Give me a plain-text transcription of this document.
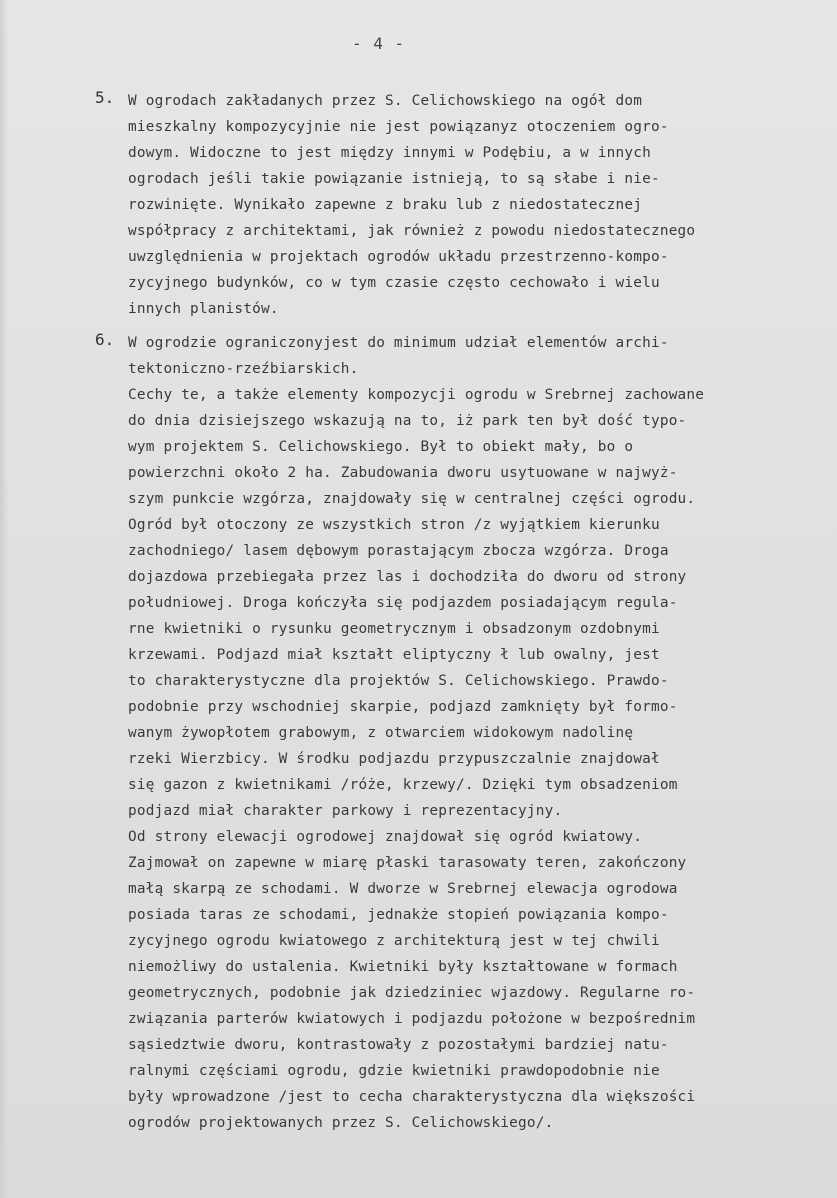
- 4 -
5. W ogrodach zakładanych przez S. Celichowskiego na ogół dom
mieszkalny kompozycyjnie nie jest powiązanyz otoczeniem ogro-
dowym. Widoczne to jest między innymi w Podębiu, a w innych
ogrodach jeśli takie powiązanie istnieją, to są słabe i nie-
rozwinięte. Wynikało zapewne z braku lub z niedostatecznej
współpracy z architektami, jak również z powodu niedostatecznego
uwzględnienia w projektach ogrodów układu przestrzenno-kompo-
zycyjnego budynków, co w tym czasie często cechowało i wielu
innych planistów.
6. W ogrodzie ograniczonyjest do minimum udział elementów archi-
tektoniczno-rzeźbiarskich.
Cechy te, a także elementy kompozycji ogrodu w Srebrnej zachowane
do dnia dzisiejszego wskazują na to, iż park ten był dość typo-
wym projektem S. Celichowskiego. Był to obiekt mały, bo o
powierzchni około 2 ha. Zabudowania dworu usytuowane w najwyż-
szym punkcie wzgórza, znajdowały się w centralnej części ogrodu.
Ogród był otoczony ze wszystkich stron /z wyjątkiem kierunku
zachodniego/ lasem dębowym porastającym zbocza wzgórza. Droga
dojazdowa przebiegała przez las i dochodziła do dworu od strony
południowej. Droga kończyła się podjazdem posiadającym regula-
rne kwietniki o rysunku geometrycznym i obsadzonym ozdobnymi
krzewami. Podjazd miał kształt eliptyczny ł lub owalny, jest
to charakterystyczne dla projektów S. Celichowskiego. Prawdo-
podobnie przy wschodniej skarpie, podjazd zamknięty był formo-
wanym żywopłotem grabowym, z otwarciem widokowym nadolinę
rzeki Wierzbicy. W środku podjazdu przypuszczalnie znajdował
się gazon z kwietnikami /róże, krzewy/. Dzięki tym obsadzeniom
podjazd miał charakter parkowy i reprezentacyjny.
Od strony elewacji ogrodowej znajdował się ogród kwiatowy.
Zajmował on zapewne w miarę płaski tarasowaty teren, zakończony
małą skarpą ze schodami. W dworze w Srebrnej elewacja ogrodowa
posiada taras ze schodami, jednakże stopień powiązania kompo-
zycyjnego ogrodu kwiatowego z architekturą jest w tej chwili
niemożliwy do ustalenia. Kwietniki były kształtowane w formach
geometrycznych, podobnie jak dziedziniec wjazdowy. Regularne ro-
związania parterów kwiatowych i podjazdu położone w bezpośrednim
sąsiedztwie dworu, kontrastowały z pozostałymi bardziej natu-
ralnymi częściami ogrodu, gdzie kwietniki prawdopodobnie nie
były wprowadzone /jest to cecha charakterystyczna dla większości
ogrodów projektowanych przez S. Celichowskiego/.
